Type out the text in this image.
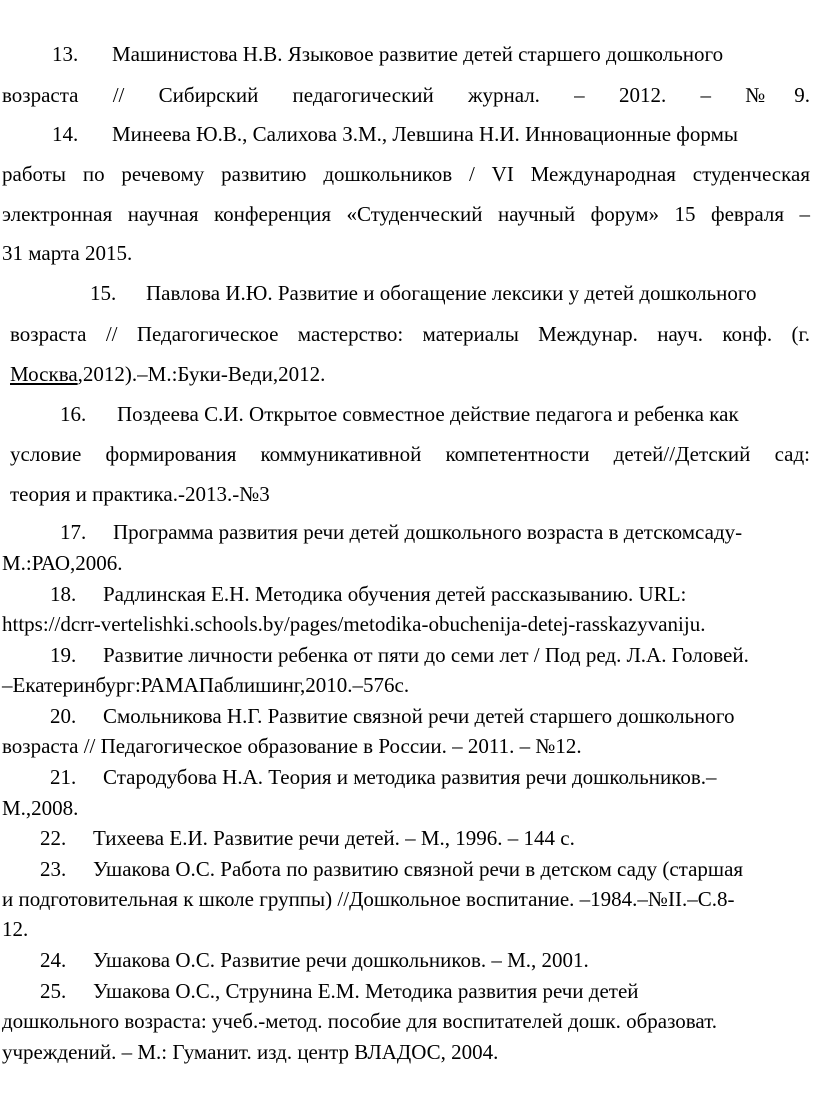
13. Машинистова Н.В. Языковое развитие детей старшего дошкольного
возраста // Сибирский педагогический журнал. – 2012. – №9.
14. Минеева Ю.В., Салихова З.М., Левшина Н.И. Инновационные формы
работы по речевому развитию дошкольников / VI Международная студенческая
электронная научная конференция «Студенческий научный форум» 15 февраля –
31 марта 2015.
15. Павлова И.Ю. Развитие и обогащение лексики у детей дошкольного
возраста // Педагогическое мастерство: материалы Междунар. науч. конф. (г.
Москва,2012).–М.:Буки-Веди,2012.
16. Поздеева С.И. Открытое совместное действие педагога и ребенка как
условие формирования коммуникативной компетентности детей//Детский сад:
теория и практика.-2013.-№3
17. Программа развития речи детей дошкольного возраста в детскомсаду-
М.:РАО,2006.
18. Радлинская Е.Н. Методика обучения детей рассказыванию. URL:
https://dcrr-vertelishki.schools.by/pages/metodika-obuchenija-detej-rasskazyvaniju.
19. Развитие личности ребенка от пяти до семи лет / Под ред. Л.А. Головей.
–Екатеринбург:РАМАПаблишинг,2010.–576с.
20. Смольникова Н.Г. Развитие связной речи детей старшего дошкольного
возраста // Педагогическое образование в России. – 2011. – №12.
21. Стародубова Н.А. Теория и методика развития речи дошкольников.–
М.,2008.
22. Тихеева Е.И. Развитие речи детей. – М., 1996. – 144 с.
23. Ушакова О.С. Работа по развитию связной речи в детском саду (старшая
и подготовительная к школе группы) //Дошкольное воспитание. –1984.–№II.–С.8-
12.
24. Ушакова О.С. Развитие речи дошкольников. – М., 2001.
25. Ушакова О.С., Струнина Е.М. Методика развития речи детей
дошкольного возраста: учеб.-метод. пособие для воспитателей дошк. образоват.
учреждений. – М.: Гуманит. изд. центр ВЛАДОС, 2004.
